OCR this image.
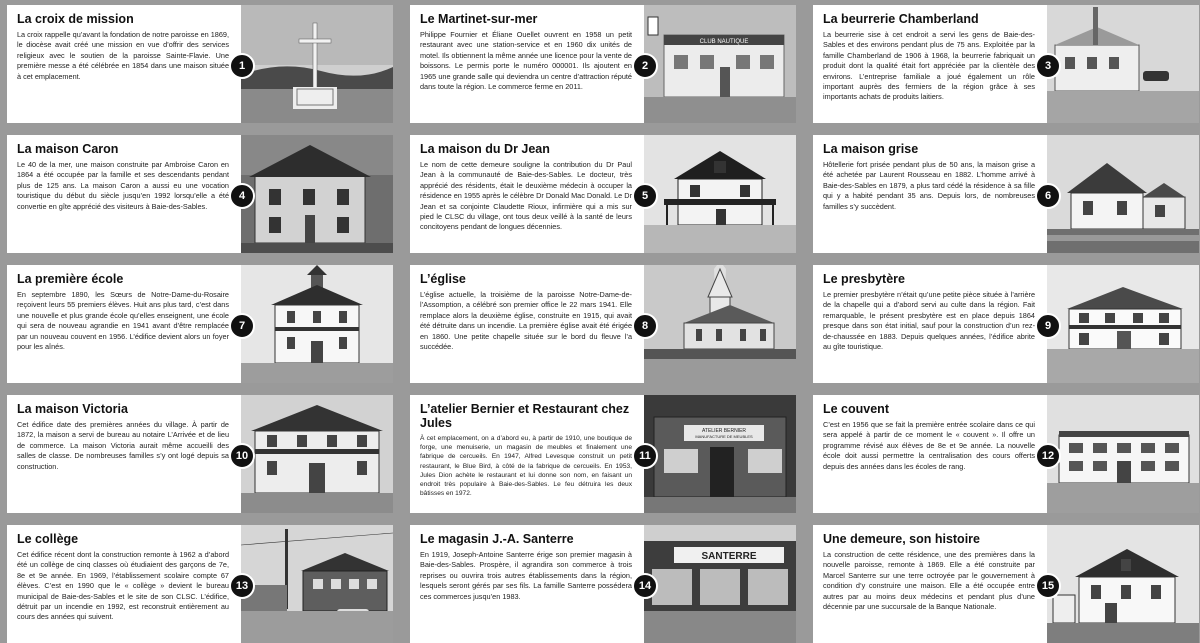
La croix de mission

La croix rappelle qu’avant la fondation de notre paroisse en 1869, le diocèse avait créé une mission en vue d’offrir des services religieux avec le soutien de la paroisse Sainte-Flavie. Une première messe a été célébrée en 1854 dans une maison située à cet emplacement.

1
Le Martinet-sur-mer

Philippe Fournier et Éliane Ouellet ouvrent en 1958 un petit restaurant avec une station-service et en 1960 dix unités de motel. Ils obtiennent la même année une licence pour la vente de boissons. Le permis porte le numéro 000001. Ils ajoutent en 1965 une grande salle qui deviendra un centre d’attraction réputé dans toute la région. Le commerce ferme en 2011.

2
CLUB NAUTIQUE
La beurrerie Chamberland

La beurrerie sise à cet endroit a servi les gens de Baie-des-Sables et des environs pendant plus de 75 ans. Exploitée par la famille Chamberland de 1906 à 1968, la beurrerie fabriquait un produit dont la qualité était fort appréciée par la clientèle des environs. L’entreprise familiale a joué également un rôle important auprès des fermiers de la région grâce à ses importants achats de produits laitiers.

3
La maison Caron

Le 40 de la mer, une maison construite par Ambroise Caron en 1864 a été occupée par la famille et ses descendants pendant plus de 125 ans. La maison Caron a aussi eu une vocation touristique du début du siècle jusqu’en 1992 lorsqu’elle a été convertie en gîte apprécié des visiteurs à Baie-des-Sables.

4
La maison du Dr Jean

Le nom de cette demeure souligne la contribution du Dr Paul Jean à la communauté de Baie-des-Sables. Le docteur, très apprécié des résidents, était le deuxième médecin à occuper la résidence en 1955 après le célèbre Dr Donald Mac Donald. Le Dr Jean et sa conjointe Claudette Rioux, infirmière qui a mis sur pied le CLSC du village, ont tous deux veillé à la santé de leurs concitoyens pendant de longues décennies.

5
La maison grise

Hôtellerie fort prisée pendant plus de 50 ans, la maison grise a été achetée par Laurent Rousseau en 1882. L’homme arrivé à Baie-des-Sables en 1879, a plus tard cédé la résidence à sa fille qui y a habité pendant 35 ans. Depuis lors, de nombreuses familles s’y succèdent.

6
La première école

En septembre 1890, les Sœurs de Notre-Dame-du-Rosaire reçoivent leurs 55 premiers élèves. Huit ans plus tard, c’est dans une nouvelle et plus grande école qu’elles enseignent, une école qui sera de nouveau agrandie en 1941 avant d’être remplacée par un nouveau couvent en 1956. L’édifice devient alors un foyer pour les aînés.

7
L’église

L’église actuelle, la troisième de la paroisse Notre-Dame-de-l’Assomption, a célébré son premier office le 22 mars 1941. Elle remplace alors la deuxième église, construite en 1915, qui avait été détruite dans un incendie. La première église avait été érigée en 1860. Une petite chapelle située sur le bord du fleuve l’a succédée.

8
Le presbytère

Le premier presbytère n’était qu’une petite pièce située à l’arrière de la chapelle qui a d’abord servi au culte dans la région. Fait remarquable, le présent presbytère est en place depuis 1864 presque dans son état initial, sauf pour la construction d’un rez-de-chaussée en 1883. Depuis quelques années, l’édifice abrite au gîte touristique.

9
La maison Victoria

Cet édifice date des premières années du village. À partir de 1872, la maison a servi de bureau au notaire L’Arrivée et de lieu de commerce. La maison Victoria aurait même accueilli des salles de classe. De nombreuses familles s’y ont logé depuis sa construction.

10
L’atelier Bernier et Restaurant chez Jules

À cet emplacement, on a d’abord eu, à partir de 1910, une boutique de forge, une menuiserie, un magasin de meubles et finalement une fabrique de cercueils. En 1947, Alfred Levesque construit un petit restaurant, le Blue Bird, à côté de la fabrique de cercueils. En 1953, Jules Dion achète le restaurant et lui donne son nom, en faisant un endroit très populaire à Baie-des-Sables. Le feu détruira les deux bâtisses en 1972.

11
ATELIER BERNIER
MANUFACTURE DE MEUBLES
Le couvent

C’est en 1956 que se fait la première entrée scolaire dans ce qui sera appelé à partir de ce moment le « couvent ». Il offre un programme révisé aux élèves de 8e et 9e année. La nouvelle école doit aussi permettre la centralisation des cours offerts depuis des années dans les écoles de rang.

12
Le collège

Cet édifice récent dont la construction remonte à 1962 a d’abord été un collège de cinq classes où étudiaient des garçons de 7e, 8e et 9e année. En 1969, l’établissement scolaire compte 67 élèves. C’est en 1990 que le « collège » devient le bureau municipal de Baie-des-Sables et le site de son CLSC. L’édifice, détruit par un incendie en 1992, est reconstruit entièrement au cours des années qui suivent.

13
Le magasin J.-A. Santerre

En 1919, Joseph-Antoine Santerre érige son premier magasin à Baie-des-Sables. Prospère, il agrandira son commerce à trois reprises ou ouvrira trois autres établissements dans la région, lesquels seront gérés par ses fils. La famille Santerre possédera ces commerces jusqu’en 1983.

14
SANTERRE
Une demeure, son histoire

La construction de cette résidence, une des premières dans la nouvelle paroisse, remonte à 1869. Elle a été construite par Marcel Santerre sur une terre octroyée par le gouvernement à condition d’y construire une maison. Elle a été occupée entre autres par au moins deux médecins et pendant plus d’une décennie par une succursale de la Banque Nationale.

15
